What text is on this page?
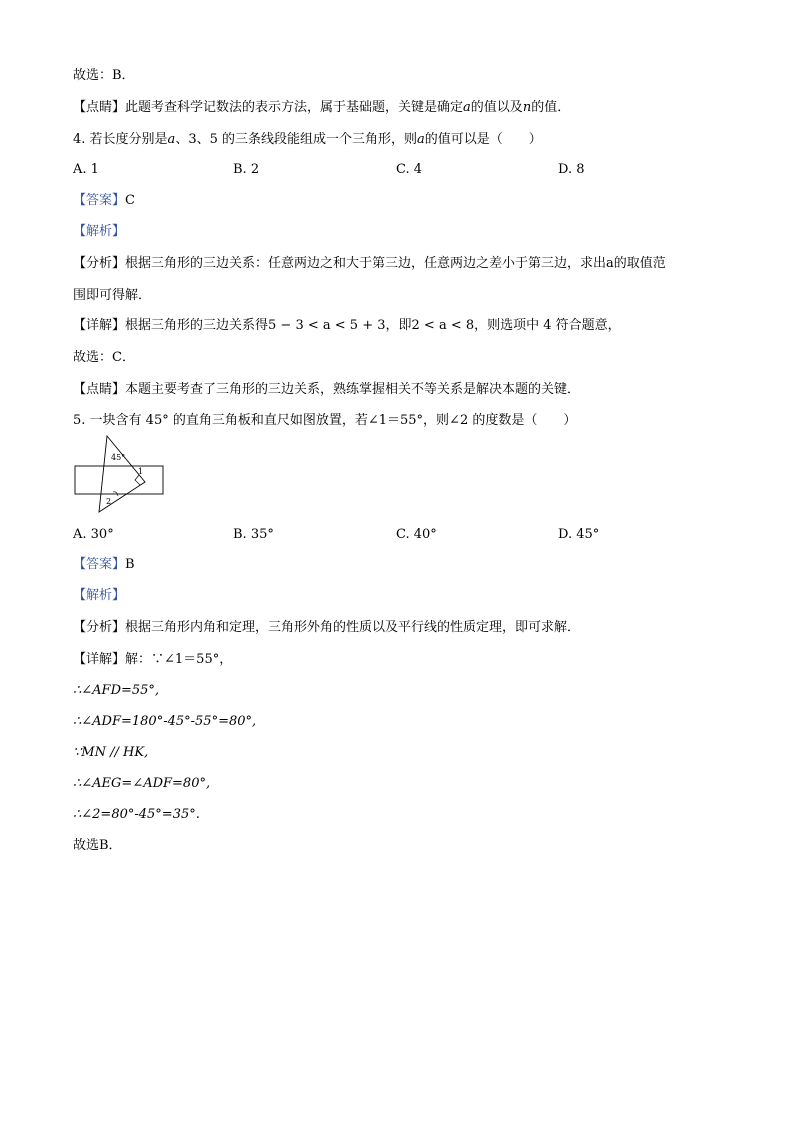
故选：B．
【点睛】此题考查科学记数法的表示方法，属于基础题，关键是确定a的值以及n的值．
4. 若长度分别是a、3、5 的三条线段能组成一个三角形，则a的值可以是（　　）
A. 1	B. 2	C. 4	D. 8
【答案】C
【解析】
【分析】根据三角形的三边关系：任意两边之和大于第三边，任意两边之差小于第三边，求出a的取值范
围即可得解．
【详解】根据三角形的三边关系得5 − 3 < a < 5 + 3，即2 < a < 8，则选项中 4 符合题意，
故选：C．
【点睛】本题主要考查了三角形的三边关系，熟练掌握相关不等关系是解决本题的关键．
5. 一块含有 45° 的直角三角板和直尺如图放置，若∠1＝55°，则∠2 的度数是（　　）
45°
1
2
A. 30°	B. 35°	C. 40°	D. 45°
【答案】B
【解析】
【分析】根据三角形内角和定理，三角形外角的性质以及平行线的性质定理，即可求解．
【详解】解：∵∠1＝55°，
∴∠AFD=55°,
∴∠ADF=180°-45°-55°=80°,
∵MN // HK,
∴∠AEG=∠ADF=80°,
∴∠2=80°-45°=35°.
故选B．
